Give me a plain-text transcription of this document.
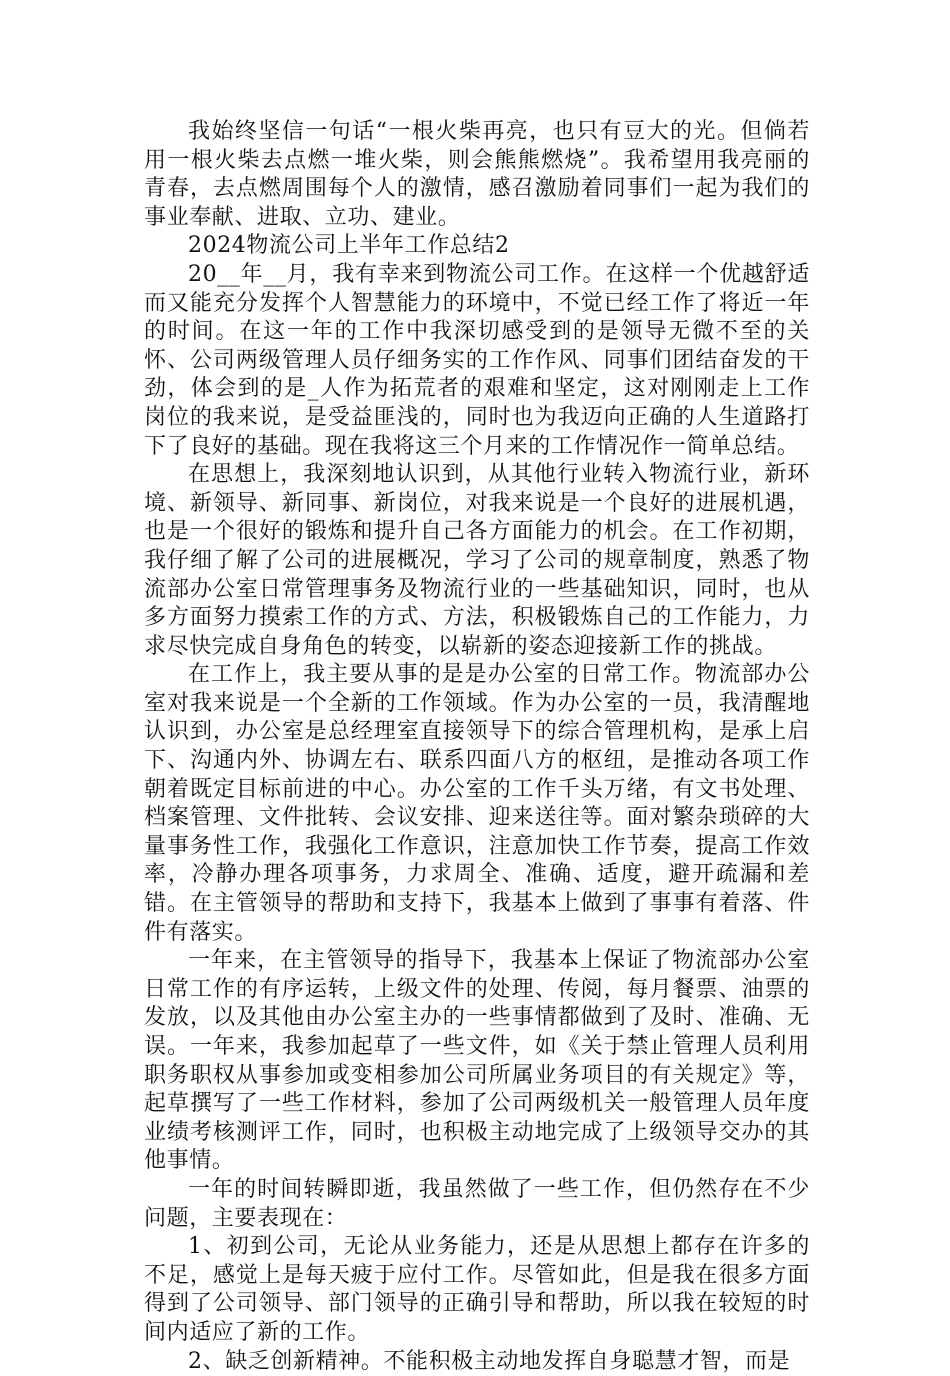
我始终坚信一句话“一根火柴再亮，也只有豆大的光。但倘若用一根火柴去点燃一堆火柴，则会熊熊燃烧”。我希望用我亮丽的青春，去点燃周围每个人的激情，感召激励着同事们一起为我们的事业奉献、进取、立功、建业。

2024物流公司上半年工作总结2

20__年__月，我有幸来到物流公司工作。在这样一个优越舒适而又能充分发挥个人智慧能力的环境中，不觉已经工作了将近一年的时间。在这一年的工作中我深切感受到的是领导无微不至的关怀、公司两级管理人员仔细务实的工作作风、同事们团结奋发的干劲，体会到的是_人作为拓荒者的艰难和坚定，这对刚刚走上工作岗位的我来说，是受益匪浅的，同时也为我迈向正确的人生道路打下了良好的基础。现在我将这三个月来的工作情况作一简单总结。

在思想上，我深刻地认识到，从其他行业转入物流行业，新环境、新领导、新同事、新岗位，对我来说是一个良好的进展机遇，也是一个很好的锻炼和提升自己各方面能力的机会。在工作初期，我仔细了解了公司的进展概况，学习了公司的规章制度，熟悉了物流部办公室日常管理事务及物流行业的一些基础知识，同时，也从多方面努力摸索工作的方式、方法，积极锻炼自己的工作能力，力求尽快完成自身角色的转变，以崭新的姿态迎接新工作的挑战。

在工作上，我主要从事的是是办公室的日常工作。物流部办公室对我来说是一个全新的工作领域。作为办公室的一员，我清醒地认识到，办公室是总经理室直接领导下的综合管理机构，是承上启下、沟通内外、协调左右、联系四面八方的枢纽，是推动各项工作朝着既定目标前进的中心。办公室的工作千头万绪，有文书处理、档案管理、文件批转、会议安排、迎来送往等。面对繁杂琐碎的大量事务性工作，我强化工作意识，注意加快工作节奏，提高工作效率，冷静办理各项事务，力求周全、准确、适度，避开疏漏和差错。在主管领导的帮助和支持下，我基本上做到了事事有着落、件件有落实。

一年来，在主管领导的指导下，我基本上保证了物流部办公室日常工作的有序运转，上级文件的处理、传阅，每月餐票、油票的发放，以及其他由办公室主办的一些事情都做到了及时、准确、无误。一年来，我参加起草了一些文件，如《关于禁止管理人员利用职务职权从事参加或变相参加公司所属业务项目的有关规定》等，起草撰写了一些工作材料，参加了公司两级机关一般管理人员年度业绩考核测评工作，同时，也积极主动地完成了上级领导交办的其他事情。

一年的时间转瞬即逝，我虽然做了一些工作，但仍然存在不少问题，主要表现在：

1、初到公司，无论从业务能力，还是从思想上都存在许多的不足，感觉上是每天疲于应付工作。尽管如此，但是我在很多方面得到了公司领导、部门领导的正确引导和帮助，所以我在较短的时间内适应了新的工作。

2、缺乏创新精神。不能积极主动地发挥自身聪慧才智，而是
